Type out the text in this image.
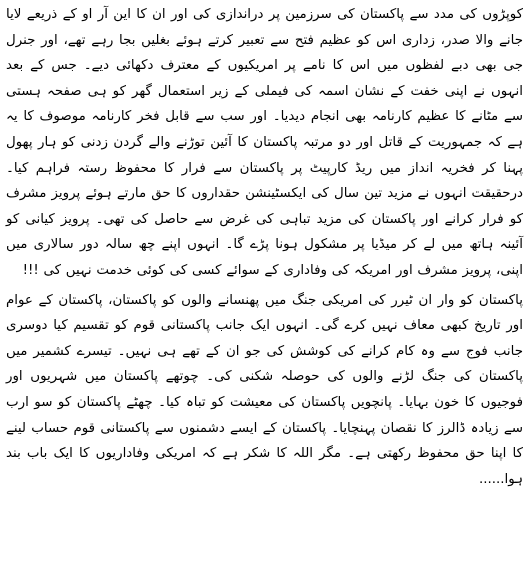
کوپڑوں کی مدد سے پاکستان کی سرزمین پر دراندازی کی اور ان کا این آر او کے ذریعے لایا جانے والا صدر، زداری اس کو عظیم فتح سے تعبیر کرتے ہوئے بغلیں بجا رہے تھے، اور جنرل جی بھی دبے لفظوں میں اس کا نامے پر امریکیوں کے معترف دکھائی دیے۔ جس کے بعد انہوں نے اپنی خفت کے نشان اسمہ کی فیملی کے زیر استعمال گھر کو ہی صفحہ ہستی سے مٹانے کا عظیم کارنامہ بھی انجام دیدیا۔ اور سب سے قابل فخر کارنامہ موصوف کا یہ ہے کہ جمہوریت کے قاتل اور دو مرتبہ پاکستان کا آئین توڑنے والے گردن زدنی کو ہار پھول پہنا کر فخریہ انداز میں ریڈ کارپیٹ پر پاکستان سے فرار کا محفوظ رستہ فراہم کیا۔ درحقیقت انہوں نے مزید تین سال کی ایکسٹینشن حقداروں کا حق مارتے ہوئے پرویز مشرف کو فرار کرانے اور پاکستان کی مزید تباہی کی غرض سے حاصل کی تھی۔ پرویز کیانی کو آئینہ ہاتھ میں لے کر میڈیا پر مشکول ہونا پڑے گا۔ انہوں اپنے چھ سالہ دور سالاری میں اپنی، پرویز مشرف اور امریکہ کی وفاداری کے سوائے کسی کی کوئی خدمت نہیں کی !!!

پاکستان کو وار ان ٹیرر کی امریکی جنگ میں پھنسانے والوں کو پاکستان، پاکستان کے عوام اور تاریخ کبھی معاف نہیں کرے گی۔ انہوں ایک جانب پاکستانی قوم کو تقسیم کیا دوسری جانب فوج سے وہ کام کرانے کی کوشش کی جو ان کے تھے ہی نہیں۔ تیسرے کشمیر میں پاکستان کی جنگ لڑنے والوں کی حوصلہ شکنی کی۔ چوتھے پاکستان میں شہریوں اور فوجیوں کا خون بہایا۔ پانچویں پاکستان کی معیشت کو تباہ کیا۔ چھٹے پاکستان کو سو ارب سے زیادہ ڈالرز کا نقصان پہنچایا۔ پاکستان کے ایسے دشمنوں سے پاکستانی قوم حساب لینے کا اپنا حق محفوظ رکھتی ہے۔ مگر اللہ کا شکر ہے کہ امریکی وفاداریوں کا ایک باب بند ہوا......
